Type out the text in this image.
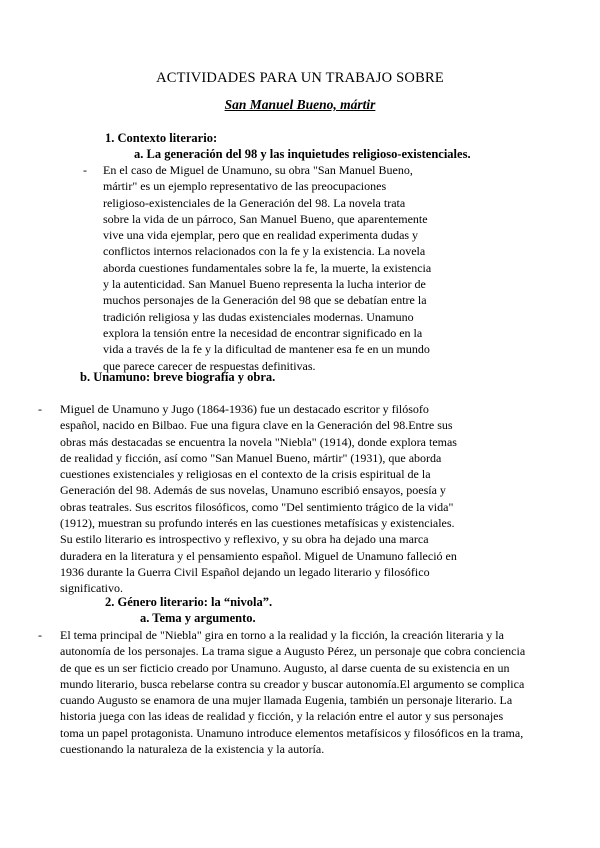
ACTIVIDADES PARA UN TRABAJO SOBRE
San Manuel Bueno, mártir

1. Contexto literario:

a. La generación del 98 y las inquietudes religioso-existenciales.

-	En el caso de Miguel de Unamuno, su obra "San Manuel Bueno, mártir" es un ejemplo representativo de las preocupaciones religioso-existenciales de la Generación del 98. La novela trata sobre la vida de un párroco, San Manuel Bueno, que aparentemente vive una vida ejemplar, pero que en realidad experimenta dudas y conflictos internos relacionados con la fe y la existencia. La novela aborda cuestiones fundamentales sobre la fe, la muerte, la existencia y la autenticidad. San Manuel Bueno representa la lucha interior de muchos personajes de la Generación del 98 que se debatían entre la tradición religiosa y las dudas existenciales modernas. Unamuno explora la tensión entre la necesidad de encontrar significado en la vida a través de la fe y la dificultad de mantener esa fe en un mundo que parece carecer de respuestas definitivas.

b. Unamuno: breve biografía y obra.

-	Miguel de Unamuno y Jugo (1864-1936) fue un destacado escritor y filósofo español, nacido en Bilbao. Fue una figura clave en la Generación del 98.Entre sus obras más destacadas se encuentra la novela "Niebla" (1914), donde explora temas de realidad y ficción, así como "San Manuel Bueno, mártir" (1931), que aborda cuestiones existenciales y religiosas en el contexto de la crisis espiritual de la Generación del 98. Además de sus novelas, Unamuno escribió ensayos, poesía y obras teatrales. Sus escritos filosóficos, como "Del sentimiento trágico de la vida" (1912), muestran su profundo interés en las cuestiones metafísicas y existenciales. Su estilo literario es introspectivo y reflexivo, y su obra ha dejado una marca duradera en la literatura y el pensamiento español. Miguel de Unamuno falleció en 1936 durante la Guerra Civil Español dejando un legado literario y filosófico significativo.

2. Género literario: la “nivola”.

a. Tema y argumento.

-	El tema principal de "Niebla" gira en torno a la realidad y la ficción, la creación literaria y la autonomía de los personajes. La trama sigue a Augusto Pérez, un personaje que cobra conciencia de que es un ser ficticio creado por Unamuno. Augusto, al darse cuenta de su existencia en un mundo literario, busca rebelarse contra su creador y buscar autonomía.El argumento se complica cuando Augusto se enamora de una mujer llamada Eugenia, también un personaje literario. La historia juega con las ideas de realidad y ficción, y la relación entre el autor y sus personajes toma un papel protagonista. Unamuno introduce elementos metafísicos y filosóficos en la trama, cuestionando la naturaleza de la existencia y la autoría.
